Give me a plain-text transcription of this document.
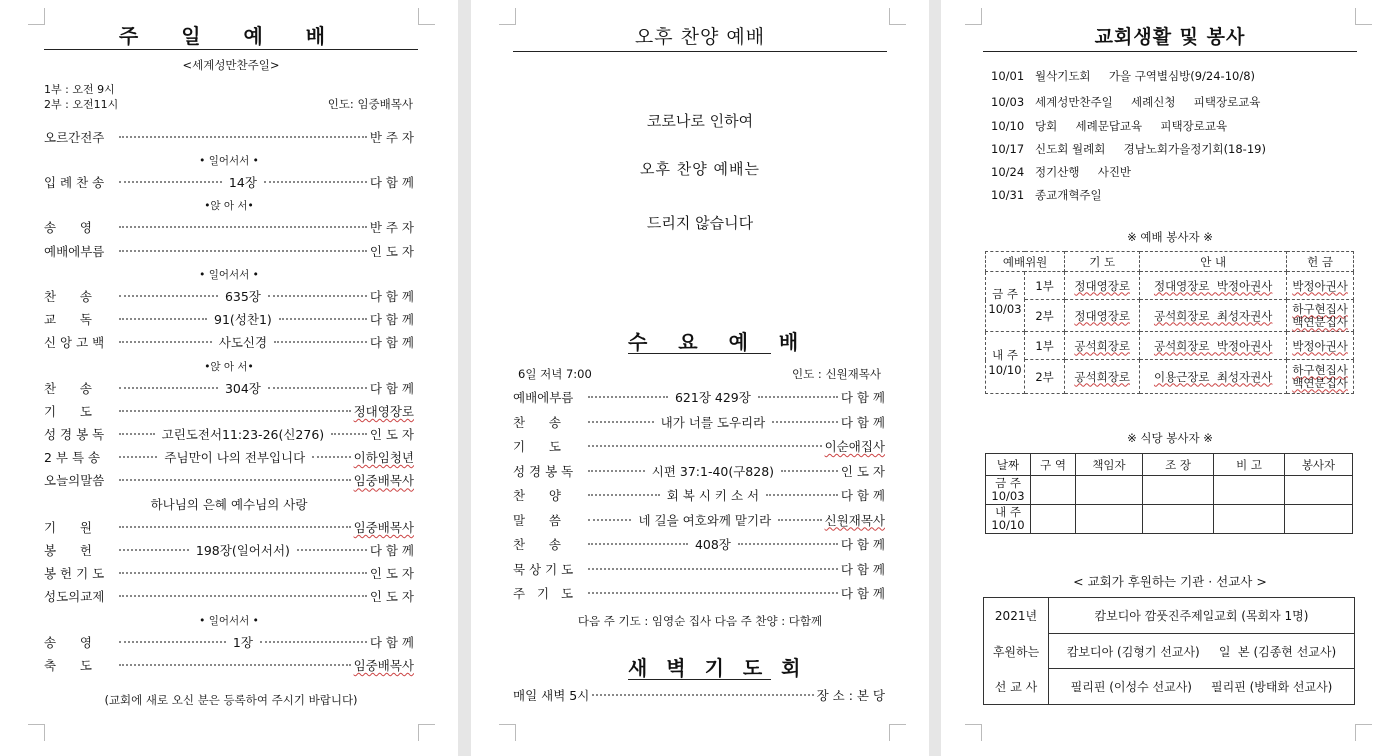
주 일 예 배
<세계성만찬주일>
1부 : 오전 9시
2부 : 오전11시	인도: 임중배목사
오르간전주	반 주 자
• 일어서서 •
입 례 찬 송	14장	다 함 께
•앉 아 서•
송      영	반 주 자
예배에부름	인 도 자
• 일어서서 •
찬      송	635장	다 함 께
교      독	91(성찬1)	다 함 께
신 앙 고 백	사도신경	다 함 께
•앉 아 서•
찬      송	304장	다 함 께
기      도	정대영장로
성 경 봉 독	고린도전서11:23-26(신276)	인 도 자
2 부 특 송	주님만이 나의 전부입니다	이하임청년
오늘의말씀	임중배목사
하나님의 은혜 예수님의 사랑
기      원	임중배목사
봉      헌	198장(일어서서)	다 함 께
봉 헌 기 도	인 도 자
성도의교제	인 도 자
• 일어서서 •
송      영	1장	다 함 께
축      도	임중배목사
(교회에 새로 오신 분은 등록하여 주시기 바랍니다)
오후 찬양 예배
코로나로 인하여
오후 찬양 예배는
드리지 않습니다
수 요 예 배
6일 저녁 7:00	인도 : 신원재목사
예배에부름	621장 429장	다 함 께
찬      송	내가 너를 도우리라	다 함 께
기      도	이순애집사
성 경 봉 독	시편 37:1-40(구828)	인 도 자
찬      양	회 복 시 키 소 서	다 함 께
말      씀	네 길을 여호와께 맡기라	신원재목사
찬      송	408장	다 함 께
묵 상 기 도	다 함 께
주   기   도	다 함 께
다음 주 기도 : 임영순 집사 다음 주 찬양 : 다함께
새 벽 기 도 회
매일 새벽 5시	장 소 : 본 당
교회생활 및 봉사
10/01 월삭기도회     가을 구역별심방(9/24-10/8)
10/03 세계성만찬주일     세례신청     피택장로교육
10/10 당회     세례문답교육     피택장로교육
10/17 신도회 월례회     경남노회가을정기회(18-19)
10/24 정기산행     사진반
10/31 종교개혁주일
※ 예배 봉사자 ※
예배위원		기 도	안 내	헌 금
금 주
10/03	1부	정대영장로	정대영장로  박정아권사	박정아권사
	2부	정대영장로	공석희장로  최성자권사	하구현집사
백연분집사
내 주
10/10	1부	공석희장로	공석희장로  박정아권사	박정아권사
	2부	공석희장로	이용근장로  최성자권사	하구현집사
백연분집사
※ 식당 봉사자 ※
날짜	구 역	책임자	조 장	비 고	봉사자
금 주
10/03					
내 주
10/10					
< 교회가 후원하는 기관 · 선교사 >
2021년	캄보디아 깜풋진주제일교회 (목회자 1명)
후원하는	캄보디아 (김형기 선교사)     일  본 (김종현 선교사)
선 교 사	필리핀 (이성수 선교사)     필리핀 (방태화 선교사)
